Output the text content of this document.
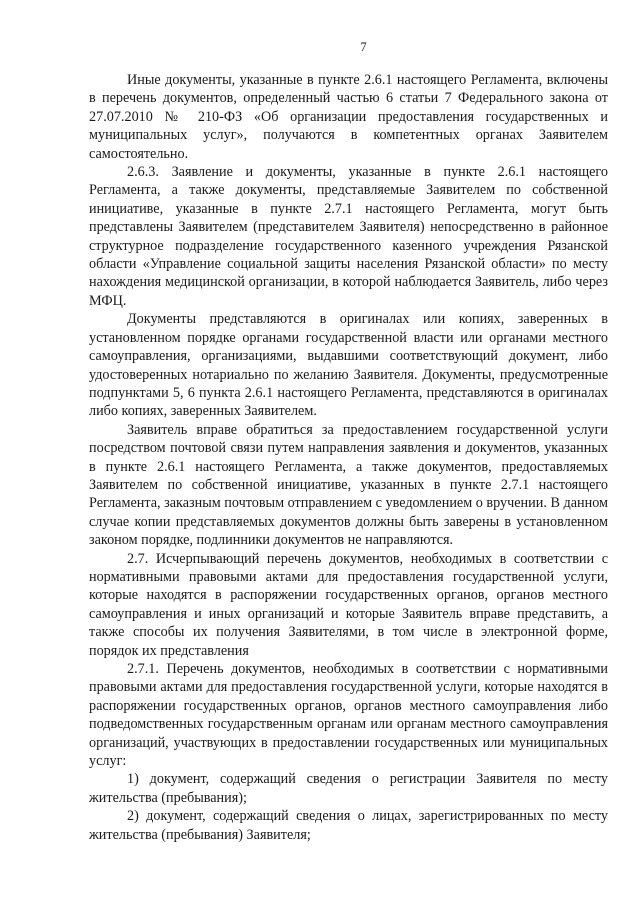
7

Иные документы, указанные в пункте 2.6.1 настоящего Регламента, включены в перечень документов, определенный частью 6 статьи 7 Федерального закона от 27.07.2010 № 210-ФЗ «Об организации предоставления государственных и муниципальных услуг», получаются в компетентных органах Заявителем самостоятельно.

2.6.3. Заявление и документы, указанные в пункте 2.6.1 настоящего Регламента, а также документы, представляемые Заявителем по собственной инициативе, указанные в пункте 2.7.1 настоящего Регламента, могут быть представлены Заявителем (представителем Заявителя) непосредственно в районное структурное подразделение государственного казенного учреждения Рязанской области «Управление социальной защиты населения Рязанской области» по месту нахождения медицинской организации, в которой наблюдается Заявитель, либо через МФЦ.

Документы представляются в оригиналах или копиях, заверенных в установленном порядке органами государственной власти или органами местного самоуправления, организациями, выдавшими соответствующий документ, либо удостоверенных нотариально по желанию Заявителя. Документы, предусмотренные подпунктами 5, 6 пункта 2.6.1 настоящего Регламента, представляются в оригиналах либо копиях, заверенных Заявителем.

Заявитель вправе обратиться за предоставлением государственной услуги посредством почтовой связи путем направления заявления и документов, указанных в пункте 2.6.1 настоящего Регламента, а также документов, предоставляемых Заявителем по собственной инициативе, указанных в пункте 2.7.1 настоящего Регламента, заказным почтовым отправлением с уведомлением о вручении. В данном случае копии представляемых документов должны быть заверены в установленном законом порядке, подлинники документов не направляются.

2.7. Исчерпывающий перечень документов, необходимых в соответствии с нормативными правовыми актами для предоставления государственной услуги, которые находятся в распоряжении государственных органов, органов местного самоуправления и иных организаций и которые Заявитель вправе представить, а также способы их получения Заявителями, в том числе в электронной форме, порядок их представления

2.7.1. Перечень документов, необходимых в соответствии с нормативными правовыми актами для предоставления государственной услуги, которые находятся в распоряжении государственных органов, органов местного самоуправления либо подведомственных государственным органам или органам местного самоуправления организаций, участвующих в предоставлении государственных или муниципальных услуг:

1) документ, содержащий сведения о регистрации Заявителя по месту жительства (пребывания);

2) документ, содержащий сведения о лицах, зарегистрированных по месту жительства (пребывания) Заявителя;
